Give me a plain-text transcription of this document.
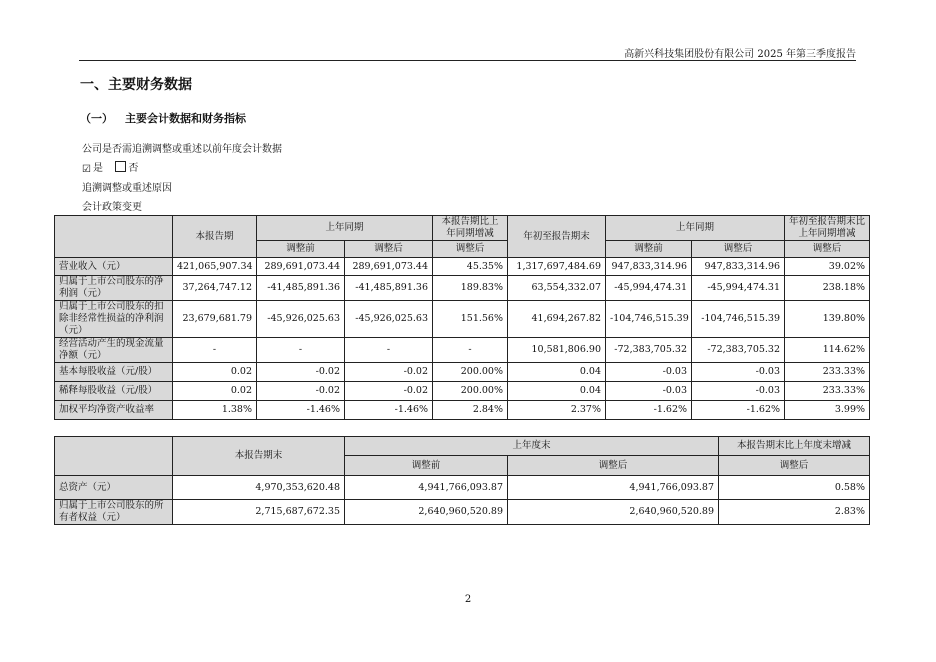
高新兴科技集团股份有限公司 2025 年第三季度报告
一、主要财务数据
（一） 主要会计数据和财务指标
公司是否需追溯调整或重述以前年度会计数据
☑ 是	否
追溯调整或重述原因
会计政策变更
	本报告期	上年同期		本报告期比上年同期增减	年初至报告期末	上年同期		年初至报告期末比上年同期增减
		调整前	调整后	调整后		调整前	调整后	调整后
营业收入（元）	421,065,907.34	289,691,073.44	289,691,073.44	45.35%	1,317,697,484.69	947,833,314.96	947,833,314.96	39.02%
归属于上市公司股东的净利润（元）	37,264,747.12	-41,485,891.36	-41,485,891.36	189.83%	63,554,332.07	-45,994,474.31	-45,994,474.31	238.18%
归属于上市公司股东的扣除非经常性损益的净利润（元）	23,679,681.79	-45,926,025.63	-45,926,025.63	151.56%	41,694,267.82	-104,746,515.39	-104,746,515.39	139.80%
经营活动产生的现金流量净额（元）	-	-	-	-	10,581,806.90	-72,383,705.32	-72,383,705.32	114.62%
基本每股收益（元/股）	0.02	-0.02	-0.02	200.00%	0.04	-0.03	-0.03	233.33%
稀释每股收益（元/股）	0.02	-0.02	-0.02	200.00%	0.04	-0.03	-0.03	233.33%
加权平均净资产收益率	1.38%	-1.46%	-1.46%	2.84%	2.37%	-1.62%	-1.62%	3.99%
	本报告期末	上年度末		本报告期末比上年度末增减
		调整前	调整后	调整后
总资产（元）	4,970,353,620.48	4,941,766,093.87	4,941,766,093.87	0.58%
归属于上市公司股东的所有者权益（元）	2,715,687,672.35	2,640,960,520.89	2,640,960,520.89	2.83%
2
